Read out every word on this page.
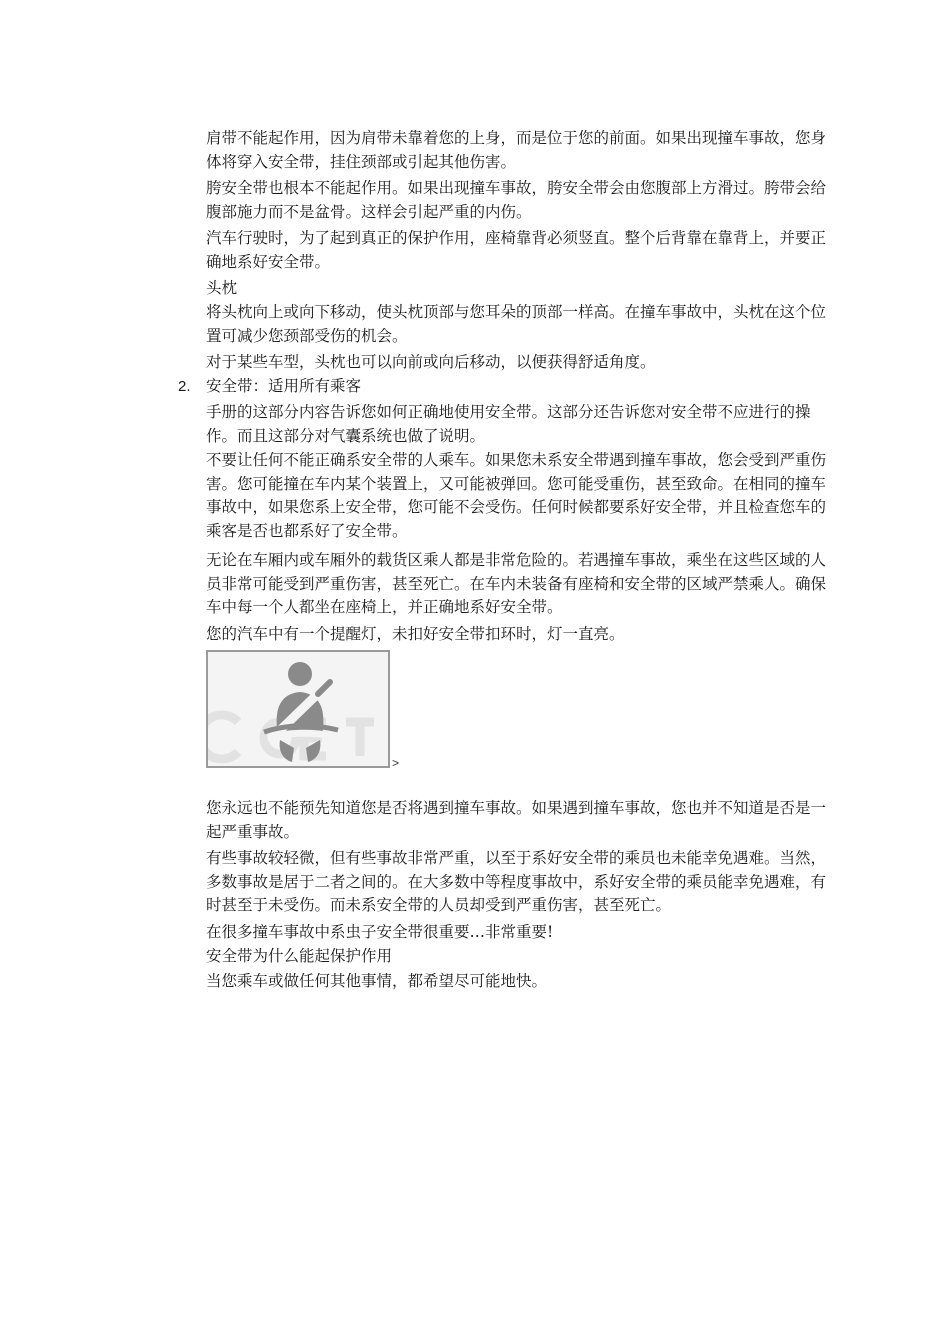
肩带不能起作用，因为肩带未靠着您的上身，而是位于您的前面。如果出现撞车事故，您身体将穿入安全带，挂住颈部或引起其他伤害。

胯安全带也根本不能起作用。如果出现撞车事故，胯安全带会由您腹部上方滑过。胯带会给腹部施力而不是盆骨。这样会引起严重的内伤。

汽车行驶时，为了起到真正的保护作用，座椅靠背必须竖直。整个后背靠在靠背上，并要正确地系好安全带。

头枕

将头枕向上或向下移动，使头枕顶部与您耳朵的顶部一样高。在撞车事故中，头枕在这个位置可减少您颈部受伤的机会。

对于某些车型，头枕也可以向前或向后移动，以便获得舒适角度。

2. 安全带：适用所有乘客

手册的这部分内容告诉您如何正确地使用安全带。这部分还告诉您对安全带不应进行的操作。而且这部分对气囊系统也做了说明。

不要让任何不能正确系安全带的人乘车。如果您未系安全带遇到撞车事故，您会受到严重伤害。您可能撞在车内某个装置上，又可能被弹回。您可能受重伤，甚至致命。在相同的撞车事故中，如果您系上安全带，您可能不会受伤。任何时候都要系好安全带，并且检查您车的乘客是否也都系好了安全带。

无论在车厢内或车厢外的载货区乘人都是非常危险的。若遇撞车事故，乘坐在这些区域的人员非常可能受到严重伤害，甚至死亡。在车内未装备有座椅和安全带的区域严禁乘人。确保车中每一个人都坐在座椅上，并正确地系好安全带。

您的汽车中有一个提醒灯，未扣好安全带扣环时，灯一直亮。

>

您永远也不能预先知道您是否将遇到撞车事故。如果遇到撞车事故，您也并不知道是否是一起严重事故。

有些事故较轻微，但有些事故非常严重，以至于系好安全带的乘员也未能幸免遇难。当然，多数事故是居于二者之间的。在大多数中等程度事故中，系好安全带的乘员能幸免遇难，有时甚至于未受伤。而未系安全带的人员却受到严重伤害，甚至死亡。

在很多撞车事故中系虫子安全带很重要…非常重要!

安全带为什么能起保护作用

当您乘车或做任何其他事情，都希望尽可能地快。
